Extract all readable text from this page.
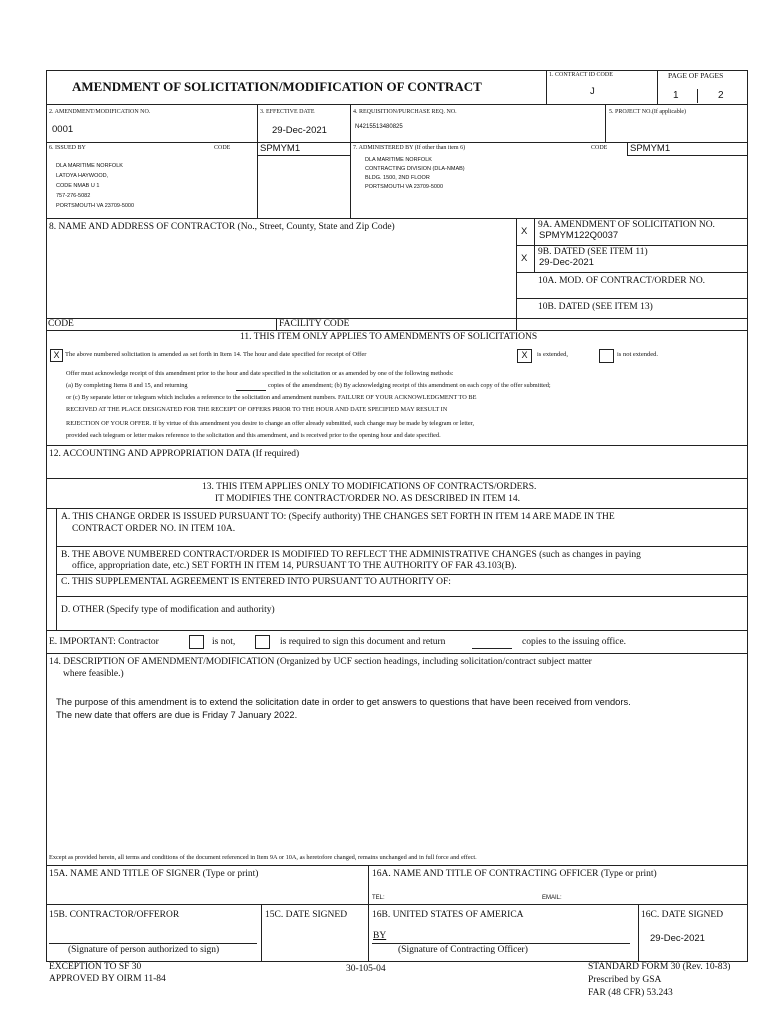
AMENDMENT OF SOLICITATION/MODIFICATION OF CONTRACT
1. CONTRACT ID CODE
J
PAGE OF PAGES
1	2
2. AMENDMENT/MODIFICATION NO.
0001
3. EFFECTIVE DATE
29-Dec-2021
4. REQUISITION/PURCHASE REQ. NO.
N4215513480825
5. PROJECT NO.(If applicable)
6. ISSUED BY	CODE	SPMYM1
DLA MARITIME NORFOLK
LATOYA HAYWOOD,
CODE NMAB U 1
757-276-5082
PORTSMOUTH VA 23709-5000
7. ADMINISTERED BY (If other than item 6)	CODE SPMYM1
DLA MARITIME NORFOLK
CONTRACTING DIVISION (DLA-NMAB)
BLDG. 1500, 2ND FLOOR
PORTSMOUTH VA 23709-5000
8. NAME AND ADDRESS OF CONTRACTOR (No., Street, County, State and Zip Code)
CODE	FACILITY CODE
X
9A. AMENDMENT OF SOLICITATION NO.
SPMYM122Q0037
X
9B. DATED (SEE ITEM 11)
29-Dec-2021
10A. MOD. OF CONTRACT/ORDER NO.
10B. DATED (SEE ITEM 13)
11. THIS ITEM ONLY APPLIES TO AMENDMENTS OF SOLICITATIONS
X The above numbered solicitation is amended as set forth in Item 14. The hour and date specified for receipt of Offer	X	is extended,	is not extended.
Offer must acknowledge receipt of this amendment prior to the hour and date specified in the solicitation or as amended by one of the following methods:
(a) By completing Items 8 and 15, and returning	copies of the amendment; (b) By acknowledging receipt of this amendment on each copy of the offer submitted;
or (c) By separate letter or telegram which includes a reference to the solicitation and amendment numbers. FAILURE OF YOUR ACKNOWLEDGMENT TO BE
RECEIVED AT THE PLACE DESIGNATED FOR THE RECEIPT OF OFFERS PRIOR TO THE HOUR AND DATE SPECIFIED MAY RESULT IN
REJECTION OF YOUR OFFER. If by virtue of this amendment you desire to change an offer already submitted, such change may be made by telegram or letter,
provided each telegram or letter makes reference to the solicitation and this amendment, and is received prior to the opening hour and date specified.
12. ACCOUNTING AND APPROPRIATION DATA (If required)
13. THIS ITEM APPLIES ONLY TO MODIFICATIONS OF CONTRACTS/ORDERS.
IT MODIFIES THE CONTRACT/ORDER NO. AS DESCRIBED IN ITEM 14.
A. THIS CHANGE ORDER IS ISSUED PURSUANT TO: (Specify authority) THE CHANGES SET FORTH IN ITEM 14 ARE MADE IN THE
CONTRACT ORDER NO. IN ITEM 10A.
B. THE ABOVE NUMBERED CONTRACT/ORDER IS MODIFIED TO REFLECT THE ADMINISTRATIVE CHANGES (such as changes in paying
office, appropriation date, etc.) SET FORTH IN ITEM 14, PURSUANT TO THE AUTHORITY OF FAR 43.103(B).
C. THIS SUPPLEMENTAL AGREEMENT IS ENTERED INTO PURSUANT TO AUTHORITY OF:
D. OTHER (Specify type of modification and authority)
E. IMPORTANT: Contractor	is not,	is required to sign this document and return	copies to the issuing office.
14. DESCRIPTION OF AMENDMENT/MODIFICATION (Organized by UCF section headings, including solicitation/contract subject matter
where feasible.)
The purpose of this amendment is to extend the solicitation date in order to get answers to questions that have been received from vendors.
The new date that offers are due is Friday 7 January 2022.
Except as provided herein, all terms and conditions of the document referenced in Item 9A or 10A, as heretofore changed, remains unchanged and in full force and effect.
15A. NAME AND TITLE OF SIGNER (Type or print)	16A. NAME AND TITLE OF CONTRACTING OFFICER (Type or print)
TEL:	EMAIL:
15B. CONTRACTOR/OFFEROR
(Signature of person authorized to sign)
15C. DATE SIGNED	16B. UNITED STATES OF AMERICA
BY
(Signature of Contracting Officer)
16C. DATE SIGNED
29-Dec-2021
EXCEPTION TO SF 30
APPROVED BY OIRM 11-84
30-105-04	STANDARD FORM 30 (Rev. 10-83)
Prescribed by GSA
FAR (48 CFR) 53.243
